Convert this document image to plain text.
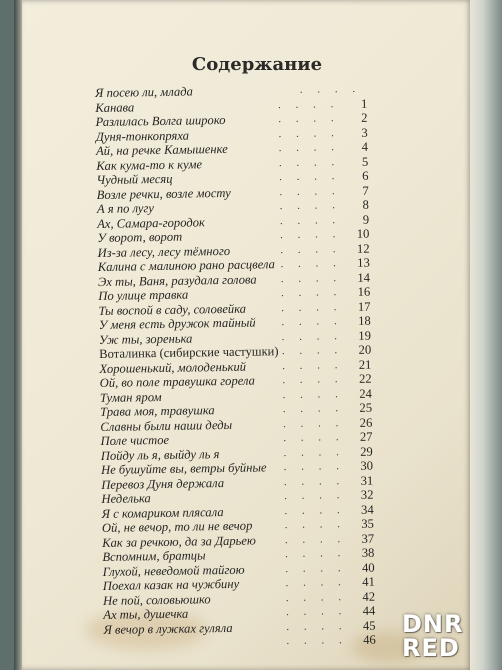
Содержание
Я посею ли, млада	. . . .
Канава	. . . .	1
Разлилась Волга широко	. . . .	2
Дуня-тонкопряха	. . . .	3
Ай, на речке Камышенке	. . . .	4
Как кума-то к куме	. . . .	5
Чудный месяц	. . . .	6
Возле речки, возле мосту	. . . .	7
А я по лугу	. . . .	8
Ах, Самара-городок	. . . .	9
У ворот, ворот	. . . .	10
Из-за лесу, лесу тёмного	. . . .	12
Калина с малиною рано расцвела . . . .	13
Эх ты, Ваня, разудала голова	. . . .	14
По улице травка	. . . .	16
Ты воспой в саду, соловейка	. . . .	17
У меня есть дружок тайный	. . . .	18
Уж ты, зоренька	. . . .	19
Воталинка (сибирские частушки) . . . .	20
Хорошенький, молоденький	. . . .	21
Ой, во поле травушка горела	. . . .	22
Туман яром	. . . .	24
Трава моя, травушка	. . . .	25
Славны были наши деды	. . . .	26
Поле чистое	. . . .	27
Пойду ль я, выйду ль я	. . . .	29
Не бушуйте вы, ветры буйные	. . . .	30
Перевоз Дуня держала	. . . .	31
Неделька	. . . .	32
Я с комариком плясала	. . . .	34
Ой, не вечор, то ли не вечор	. . . .	35
Как за речкою, да за Дарьею	. . . .	37
Вспомним, братцы	. . . .	38
Глухой, неведомой тайгою	. . . .	40
Поехал казак на чужбину	. . . .	41
Не пой, соловьюшко	. . . .	42
Ах ты, душечка	. . . .	44
Я вечор в лужках гуляла	. . . .	45
. . . .	46
DNR
RED
